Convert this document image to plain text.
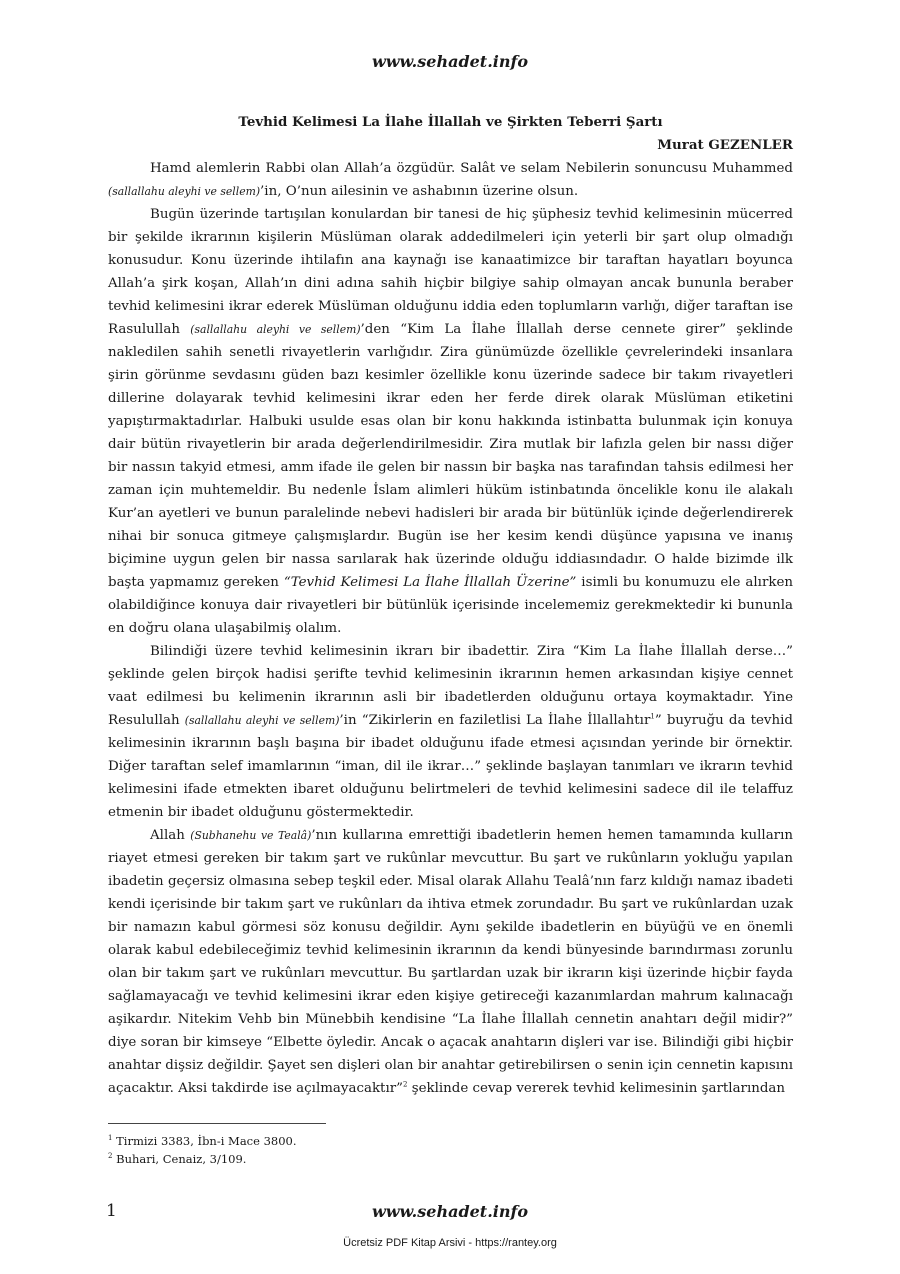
www.sehadet.info
Tevhid Kelimesi La İlahe İllallah ve Şirkten Teberri Şartı
Murat GEZENLER

Hamd alemlerin Rabbi olan Allah’a özgüdür. Salât ve selam Nebilerin sonuncusu Muhammed (sallallahu aleyhi ve sellem)’in, O’nun ailesinin ve ashabının üzerine olsun.

Bugün üzerinde tartışılan konulardan bir tanesi de hiç şüphesiz tevhid kelimesinin mücerred bir şekilde ikrarının kişilerin Müslüman olarak addedilmeleri için yeterli bir şart olup olmadığı konusudur. Konu üzerinde ihtilafın ana kaynağı ise kanaatimizce bir taraftan hayatları boyunca Allah’a şirk koşan, Allah’ın dini adına sahih hiçbir bilgiye sahip olmayan ancak bununla beraber tevhid kelimesini ikrar ederek Müslüman olduğunu iddia eden toplumların varlığı, diğer taraftan ise Rasulullah (sallallahu aleyhi ve sellem)’den “Kim La İlahe İllallah derse cennete girer” şeklinde nakledilen sahih senetli rivayetlerin varlığıdır. Zira günümüzde özellikle çevrelerindeki insanlara şirin görünme sevdasını güden bazı kesimler özellikle konu üzerinde sadece bir takım rivayetleri dillerine dolayarak tevhid kelimesini ikrar eden her ferde direk olarak Müslüman etiketini yapıştırmaktadırlar. Halbuki usulde esas olan bir konu hakkında istinbatta bulunmak için konuya dair bütün rivayetlerin bir arada değerlendirilmesidir. Zira mutlak bir lafızla gelen bir nassı diğer bir nassın takyid etmesi, amm ifade ile gelen bir nassın bir başka nas tarafından tahsis edilmesi her zaman için muhtemeldir. Bu nedenle İslam alimleri hüküm istinbatında öncelikle konu ile alakalı Kur’an ayetleri ve bunun paralelinde nebevi hadisleri bir arada bir bütünlük içinde değerlendirerek nihai bir sonuca gitmeye çalışmışlardır. Bugün ise her kesim kendi düşünce yapısına ve inanış biçimine uygun gelen bir nassa sarılarak hak üzerinde olduğu iddiasındadır. O halde bizimde ilk başta yapmamız gereken “Tevhid Kelimesi La İlahe İllallah Üzerine” isimli bu konumuzu ele alırken olabildiğince konuya dair rivayetleri bir bütünlük içerisinde incelememiz gerekmektedir ki bununla en doğru olana ulaşabilmiş olalım.

Bilindiği üzere tevhid kelimesinin ikrarı bir ibadettir. Zira “Kim La İlahe İllallah derse…” şeklinde gelen birçok hadisi şerifte tevhid kelimesinin ikrarının hemen arkasından kişiye cennet vaat edilmesi bu kelimenin ikrarının asli bir ibadetlerden olduğunu ortaya koymaktadır. Yine Resulullah (sallallahu aleyhi ve sellem)’in “Zikirlerin en faziletlisi La İlahe İllallahtır$^1$” buyruğu da tevhid kelimesinin ikrarının başlı başına bir ibadet olduğunu ifade etmesi açısından yerinde bir örnektir. Diğer taraftan selef imamlarının “iman, dil ile ikrar…” şeklinde başlayan tanımları ve ikrarın tevhid kelimesini ifade etmekten ibaret olduğunu belirtmeleri de tevhid kelimesini sadece dil ile telaffuz etmenin bir ibadet olduğunu göstermektedir.

Allah (Subhanehu ve Tealâ)’nın kullarına emrettiği ibadetlerin hemen hemen tamamında kulların riayet etmesi gereken bir takım şart ve rukûnlar mevcuttur. Bu şart ve rukûnların yokluğu yapılan ibadetin geçersiz olmasına sebep teşkil eder. Misal olarak Allahu Tealâ’nın farz kıldığı namaz ibadeti kendi içerisinde bir takım şart ve rukûnları da ihtiva etmek zorundadır. Bu şart ve rukûnlardan uzak bir namazın kabul görmesi söz konusu değildir. Aynı şekilde ibadetlerin en büyüğü ve en önemli olarak kabul edebileceğimiz tevhid kelimesinin ikrarının da kendi bünyesinde barındırması zorunlu olan bir takım şart ve rukûnları mevcuttur. Bu şartlardan uzak bir ikrarın kişi üzerinde hiçbir fayda sağlamayacağı ve tevhid kelimesini ikrar eden kişiye getireceği kazanımlardan mahrum kalınacağı aşikardır. Nitekim Vehb bin Münebbih kendisine “La İlahe İllallah cennetin anahtarı değil midir?” diye soran bir kimseye “Elbette öyledir. Ancak o açacak anahtarın dişleri var ise. Bilindiği gibi hiçbir anahtar dişsiz değildir. Şayet sen dişleri olan bir anahtar getirebilirsen o senin için cennetin kapısını açacaktır. Aksi takdirde ise açılmayacaktır”$^2$ şeklinde cevap vererek tevhid kelimesinin şartlarından

$^1$ Tirmizi 3383, İbn-i Mace 3800.
$^2$ Buhari, Cenaiz, 3/109.
1	www.sehadet.info
Ücretsiz PDF Kitap Arsivi - https://rantey.org
